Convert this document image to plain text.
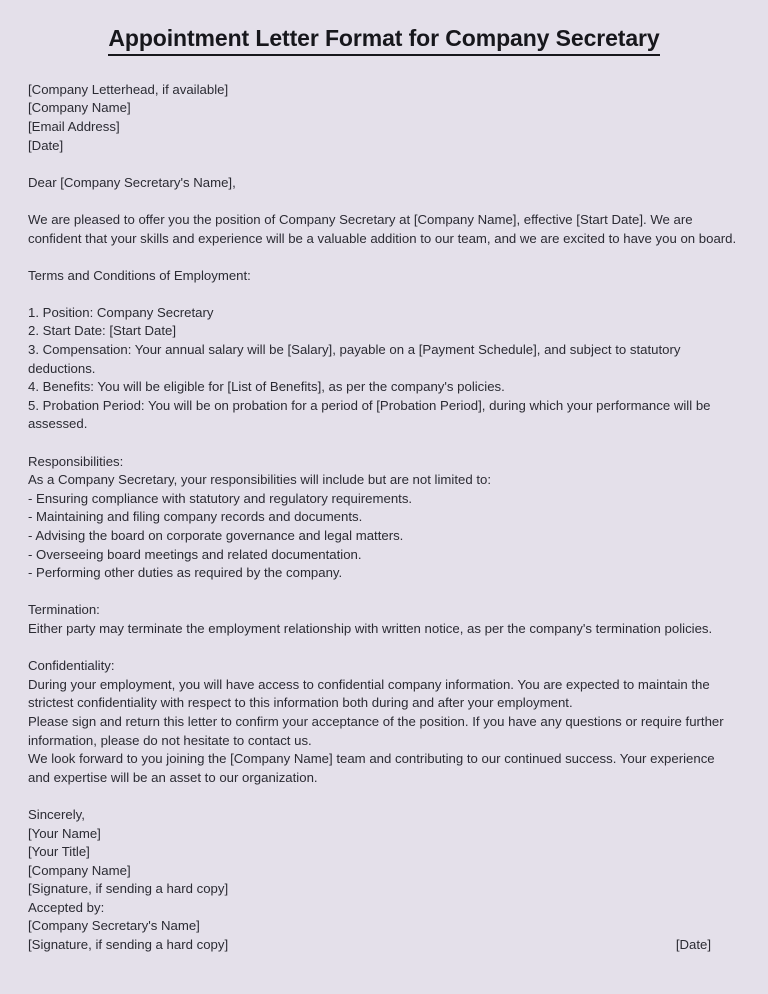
Appointment Letter Format for Company Secretary
[Company Letterhead, if available]
[Company Name]
[Email Address]
[Date]
Dear [Company Secretary's Name],
We are pleased to offer you the position of Company Secretary at [Company Name], effective [Start Date]. We are confident that your skills and experience will be a valuable addition to our team, and we are excited to have you on board.
Terms and Conditions of Employment:
1. Position: Company Secretary
2. Start Date: [Start Date]
3. Compensation: Your annual salary will be [Salary], payable on a [Payment Schedule], and subject to statutory deductions.
4. Benefits: You will be eligible for [List of Benefits], as per the company's policies.
5. Probation Period: You will be on probation for a period of [Probation Period], during which your performance will be assessed.
Responsibilities:
As a Company Secretary, your responsibilities will include but are not limited to:
- Ensuring compliance with statutory and regulatory requirements.
- Maintaining and filing company records and documents.
- Advising the board on corporate governance and legal matters.
- Overseeing board meetings and related documentation.
- Performing other duties as required by the company.
Termination:
Either party may terminate the employment relationship with written notice, as per the company's termination policies.
Confidentiality:
During your employment, you will have access to confidential company information. You are expected to maintain the strictest confidentiality with respect to this information both during and after your employment.
Please sign and return this letter to confirm your acceptance of the position. If you have any questions or require further information, please do not hesitate to contact us.
We look forward to you joining the [Company Name] team and contributing to our continued success. Your experience and expertise will be an asset to our organization.
Sincerely,
[Your Name]
[Your Title]
[Company Name]
[Signature, if sending a hard copy]
Accepted by:
[Company Secretary's Name]
[Signature, if sending a hard copy]	[Date]
